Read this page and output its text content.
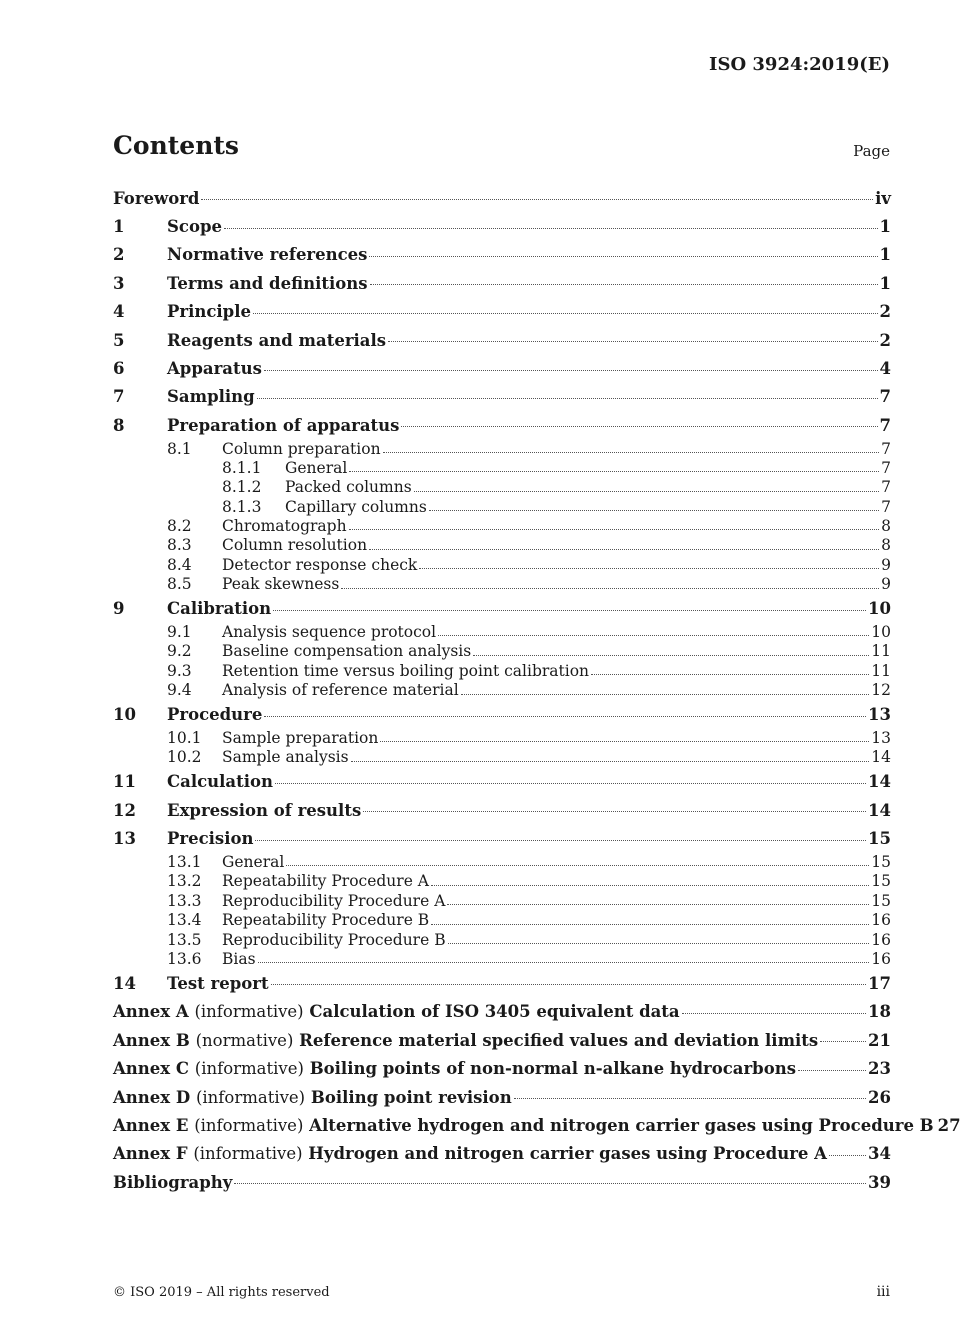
ISO 3924:2019(E)
Contents	Page
Foreword	iv
1	Scope	1
2	Normative references	1
3	Terms and definitions	1
4	Principle	2
5	Reagents and materials	2
6	Apparatus	4
7	Sampling	7
8	Preparation of apparatus	7
8.1	Column preparation	7
8.1.1	General	7
8.1.2	Packed columns	7
8.1.3	Capillary columns	7
8.2	Chromatograph	8
8.3	Column resolution	8
8.4	Detector response check	9
8.5	Peak skewness	9
9	Calibration	10
9.1	Analysis sequence protocol	10
9.2	Baseline compensation analysis	11
9.3	Retention time versus boiling point calibration	11
9.4	Analysis of reference material	12
10	Procedure	13
10.1	Sample preparation	13
10.2	Sample analysis	14
11	Calculation	14
12	Expression of results	14
13	Precision	15
13.1	General	15
13.2	Repeatability Procedure A	15
13.3	Reproducibility Procedure A	15
13.4	Repeatability Procedure B	16
13.5	Reproducibility Procedure B	16
13.6	Bias	16
14	Test report	17
Annex A (informative) Calculation of ISO 3405 equivalent data	18
Annex B (normative) Reference material specified values and deviation limits	21
Annex C (informative) Boiling points of non-normal n-alkane hydrocarbons	23
Annex D (informative) Boiling point revision	26
Annex E (informative) Alternative hydrogen and nitrogen carrier gases using Procedure B 27
Annex F (informative) Hydrogen and nitrogen carrier gases using Procedure A 34
Bibliography	39
© ISO 2019 – All rights reserved	iii
